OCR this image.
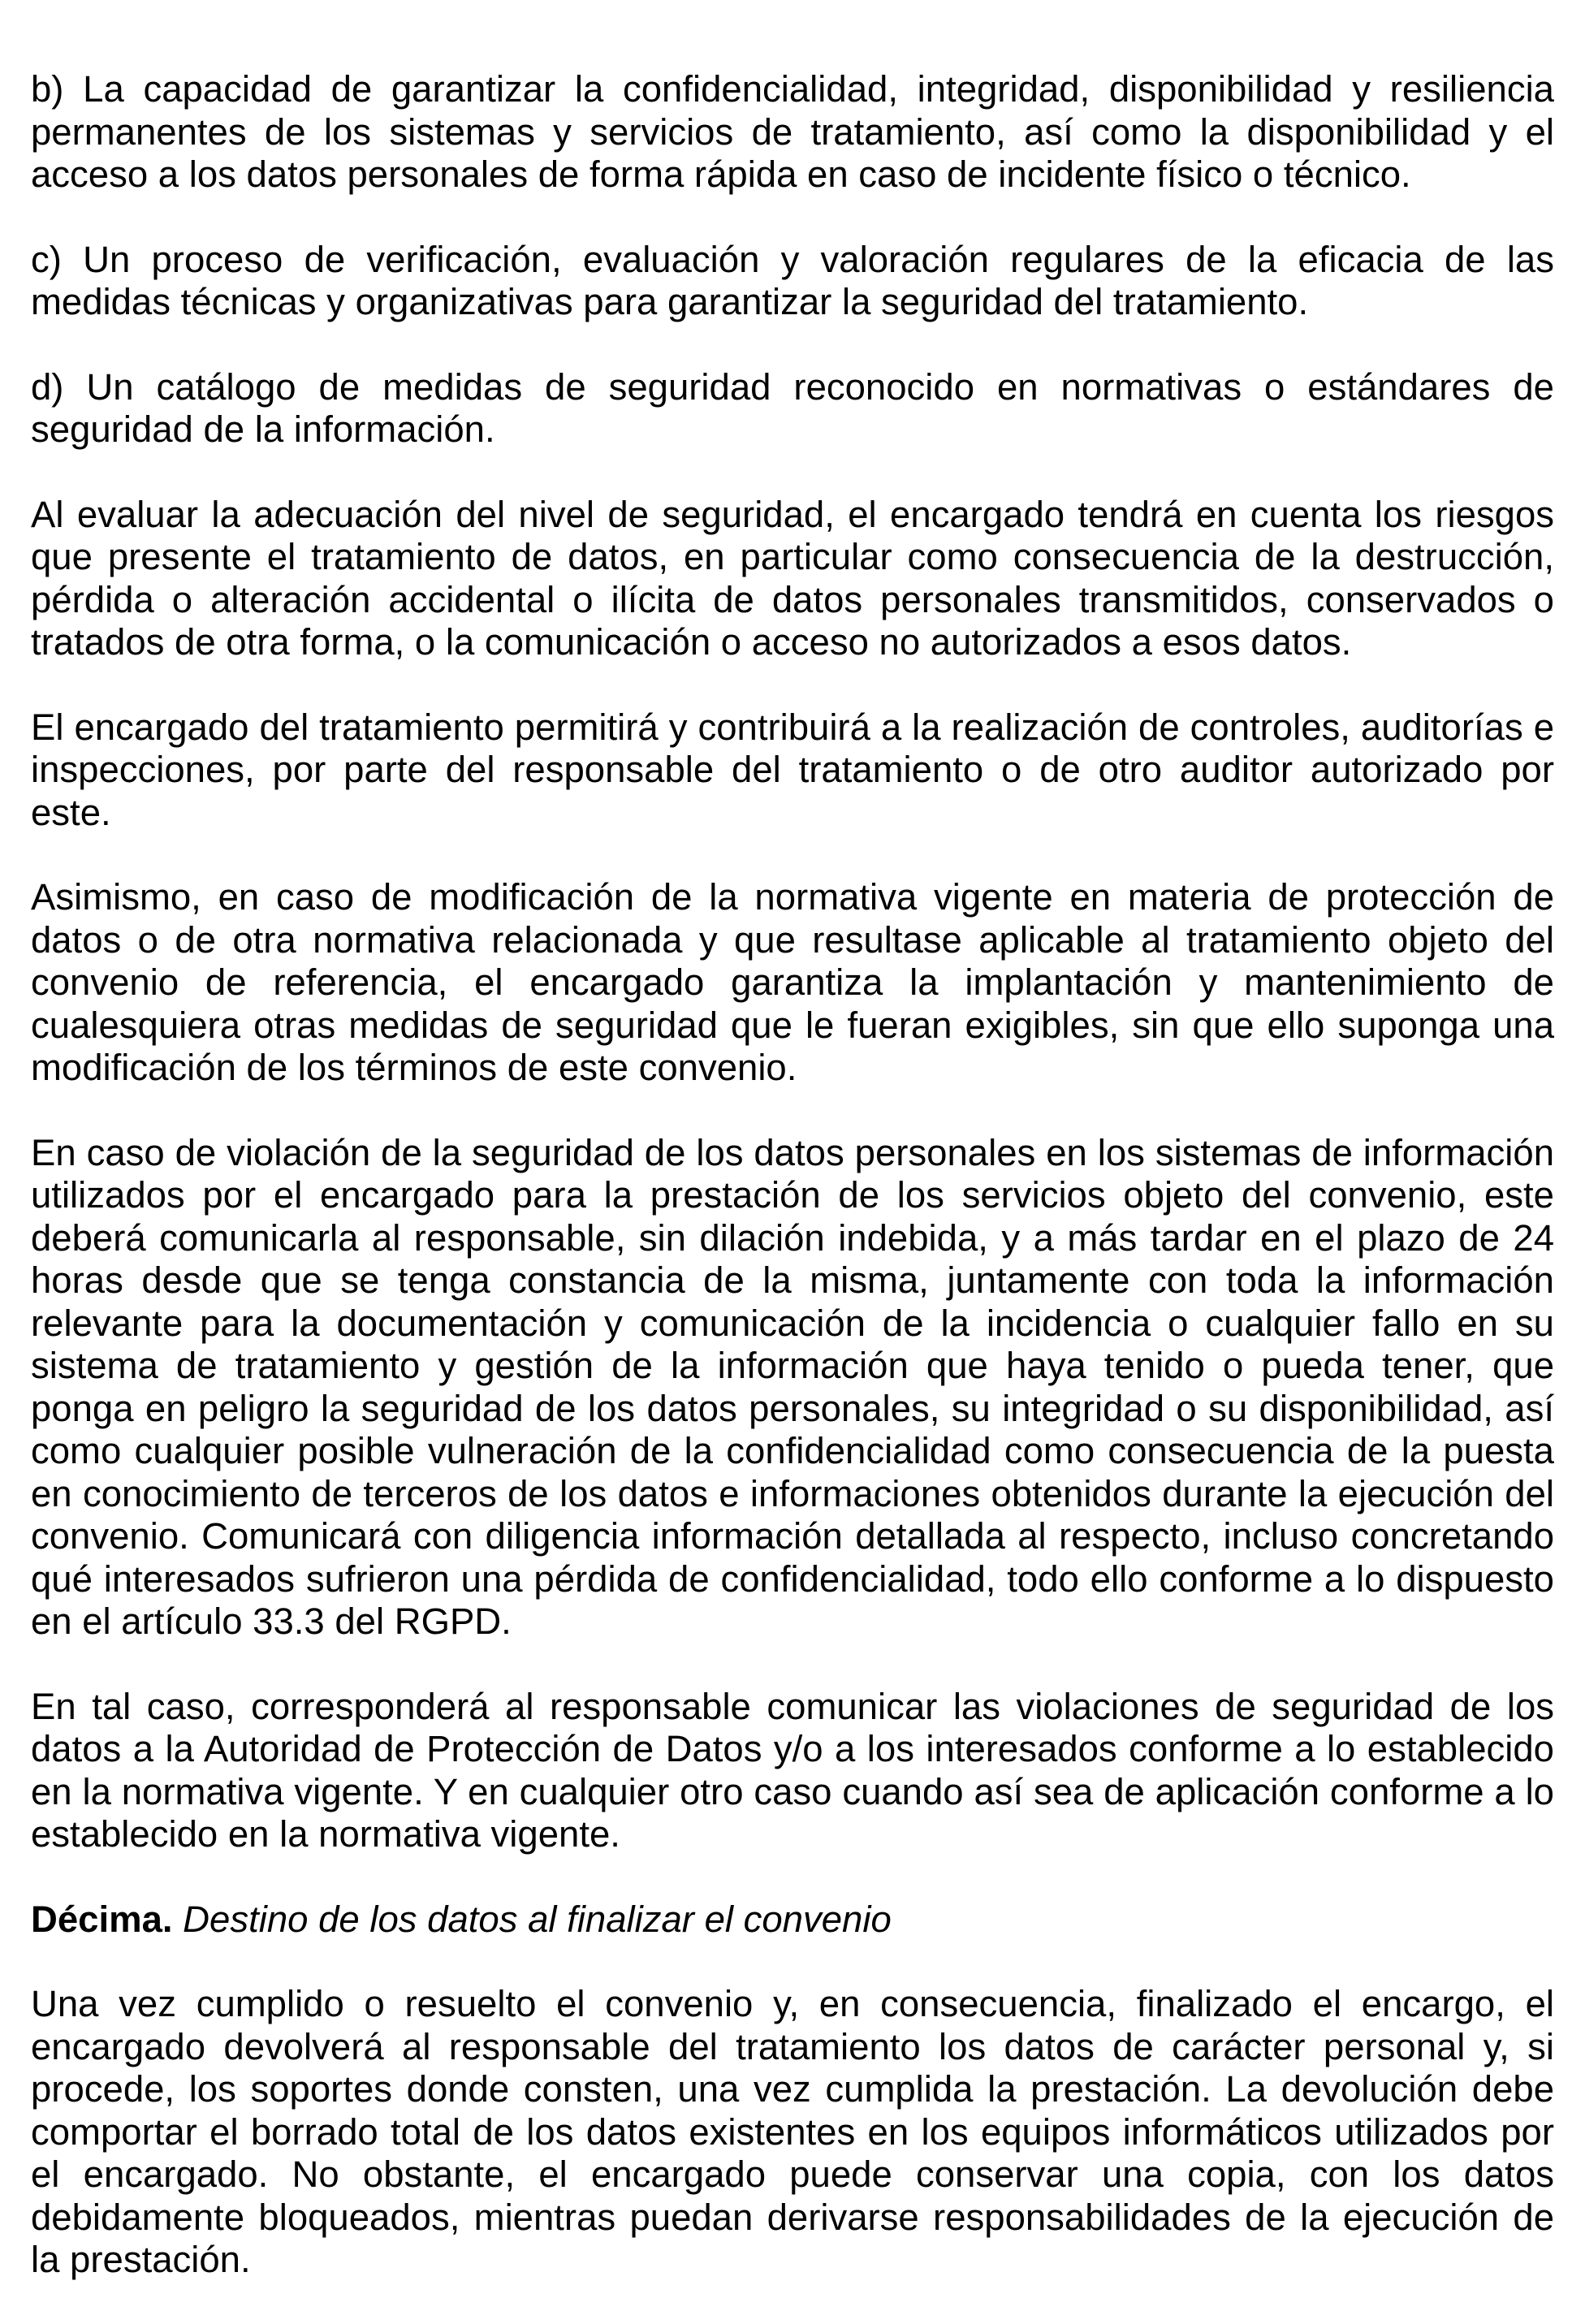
b) La capacidad de garantizar la confidencialidad, integridad, disponibilidad y resiliencia permanentes de los sistemas y servicios de tratamiento, así como la disponibilidad y el acceso a los datos personales de forma rápida en caso de incidente físico o técnico.

c) Un proceso de verificación, evaluación y valoración regulares de la eficacia de las medidas técnicas y organizativas para garantizar la seguridad del tratamiento.

d) Un catálogo de medidas de seguridad reconocido en normativas o estándares de seguridad de la información.

Al evaluar la adecuación del nivel de seguridad, el encargado tendrá en cuenta los riesgos que presente el tratamiento de datos, en particular como consecuencia de la destrucción, pérdida o alteración accidental o ilícita de datos personales transmitidos, conservados o tratados de otra forma, o la comunicación o acceso no autorizados a esos datos.

El encargado del tratamiento permitirá y contribuirá a la realización de controles, auditorías e inspecciones, por parte del responsable del tratamiento o de otro auditor autorizado por este.

Asimismo, en caso de modificación de la normativa vigente en materia de protección de datos o de otra normativa relacionada y que resultase aplicable al tratamiento objeto del convenio de referencia, el encargado garantiza la implantación y mantenimiento de cualesquiera otras medidas de seguridad que le fueran exigibles, sin que ello suponga una modificación de los términos de este convenio.

En caso de violación de la seguridad de los datos personales en los sistemas de información utilizados por el encargado para la prestación de los servicios objeto del convenio, este deberá comunicarla al responsable, sin dilación indebida, y a más tardar en el plazo de 24 horas desde que se tenga constancia de la misma, juntamente con toda la información relevante para la documentación y comunicación de la incidencia o cualquier fallo en su sistema de tratamiento y gestión de la información que haya tenido o pueda tener, que ponga en peligro la seguridad de los datos personales, su integridad o su disponibilidad, así como cualquier posible vulneración de la confidencialidad como consecuencia de la puesta en conocimiento de terceros de los datos e informaciones obtenidos durante la ejecución del convenio. Comunicará con diligencia información detallada al respecto, incluso concretando qué interesados sufrieron una pérdida de confidencialidad, todo ello conforme a lo dispuesto en el artículo 33.3 del RGPD.

En tal caso, corresponderá al responsable comunicar las violaciones de seguridad de los datos a la Autoridad de Protección de Datos y/o a los interesados conforme a lo establecido en la normativa vigente. Y en cualquier otro caso cuando así sea de aplicación conforme a lo establecido en la normativa vigente.

Décima. Destino de los datos al finalizar el convenio

Una vez cumplido o resuelto el convenio y, en consecuencia, finalizado el encargo, el encargado devolverá al responsable del tratamiento los datos de carácter personal y, si procede, los soportes donde consten, una vez cumplida la prestación. La devolución debe comportar el borrado total de los datos existentes en los equipos informáticos utilizados por el encargado. No obstante, el encargado puede conservar una copia, con los datos debidamente bloqueados, mientras puedan derivarse responsabilidades de la ejecución de la prestación.
